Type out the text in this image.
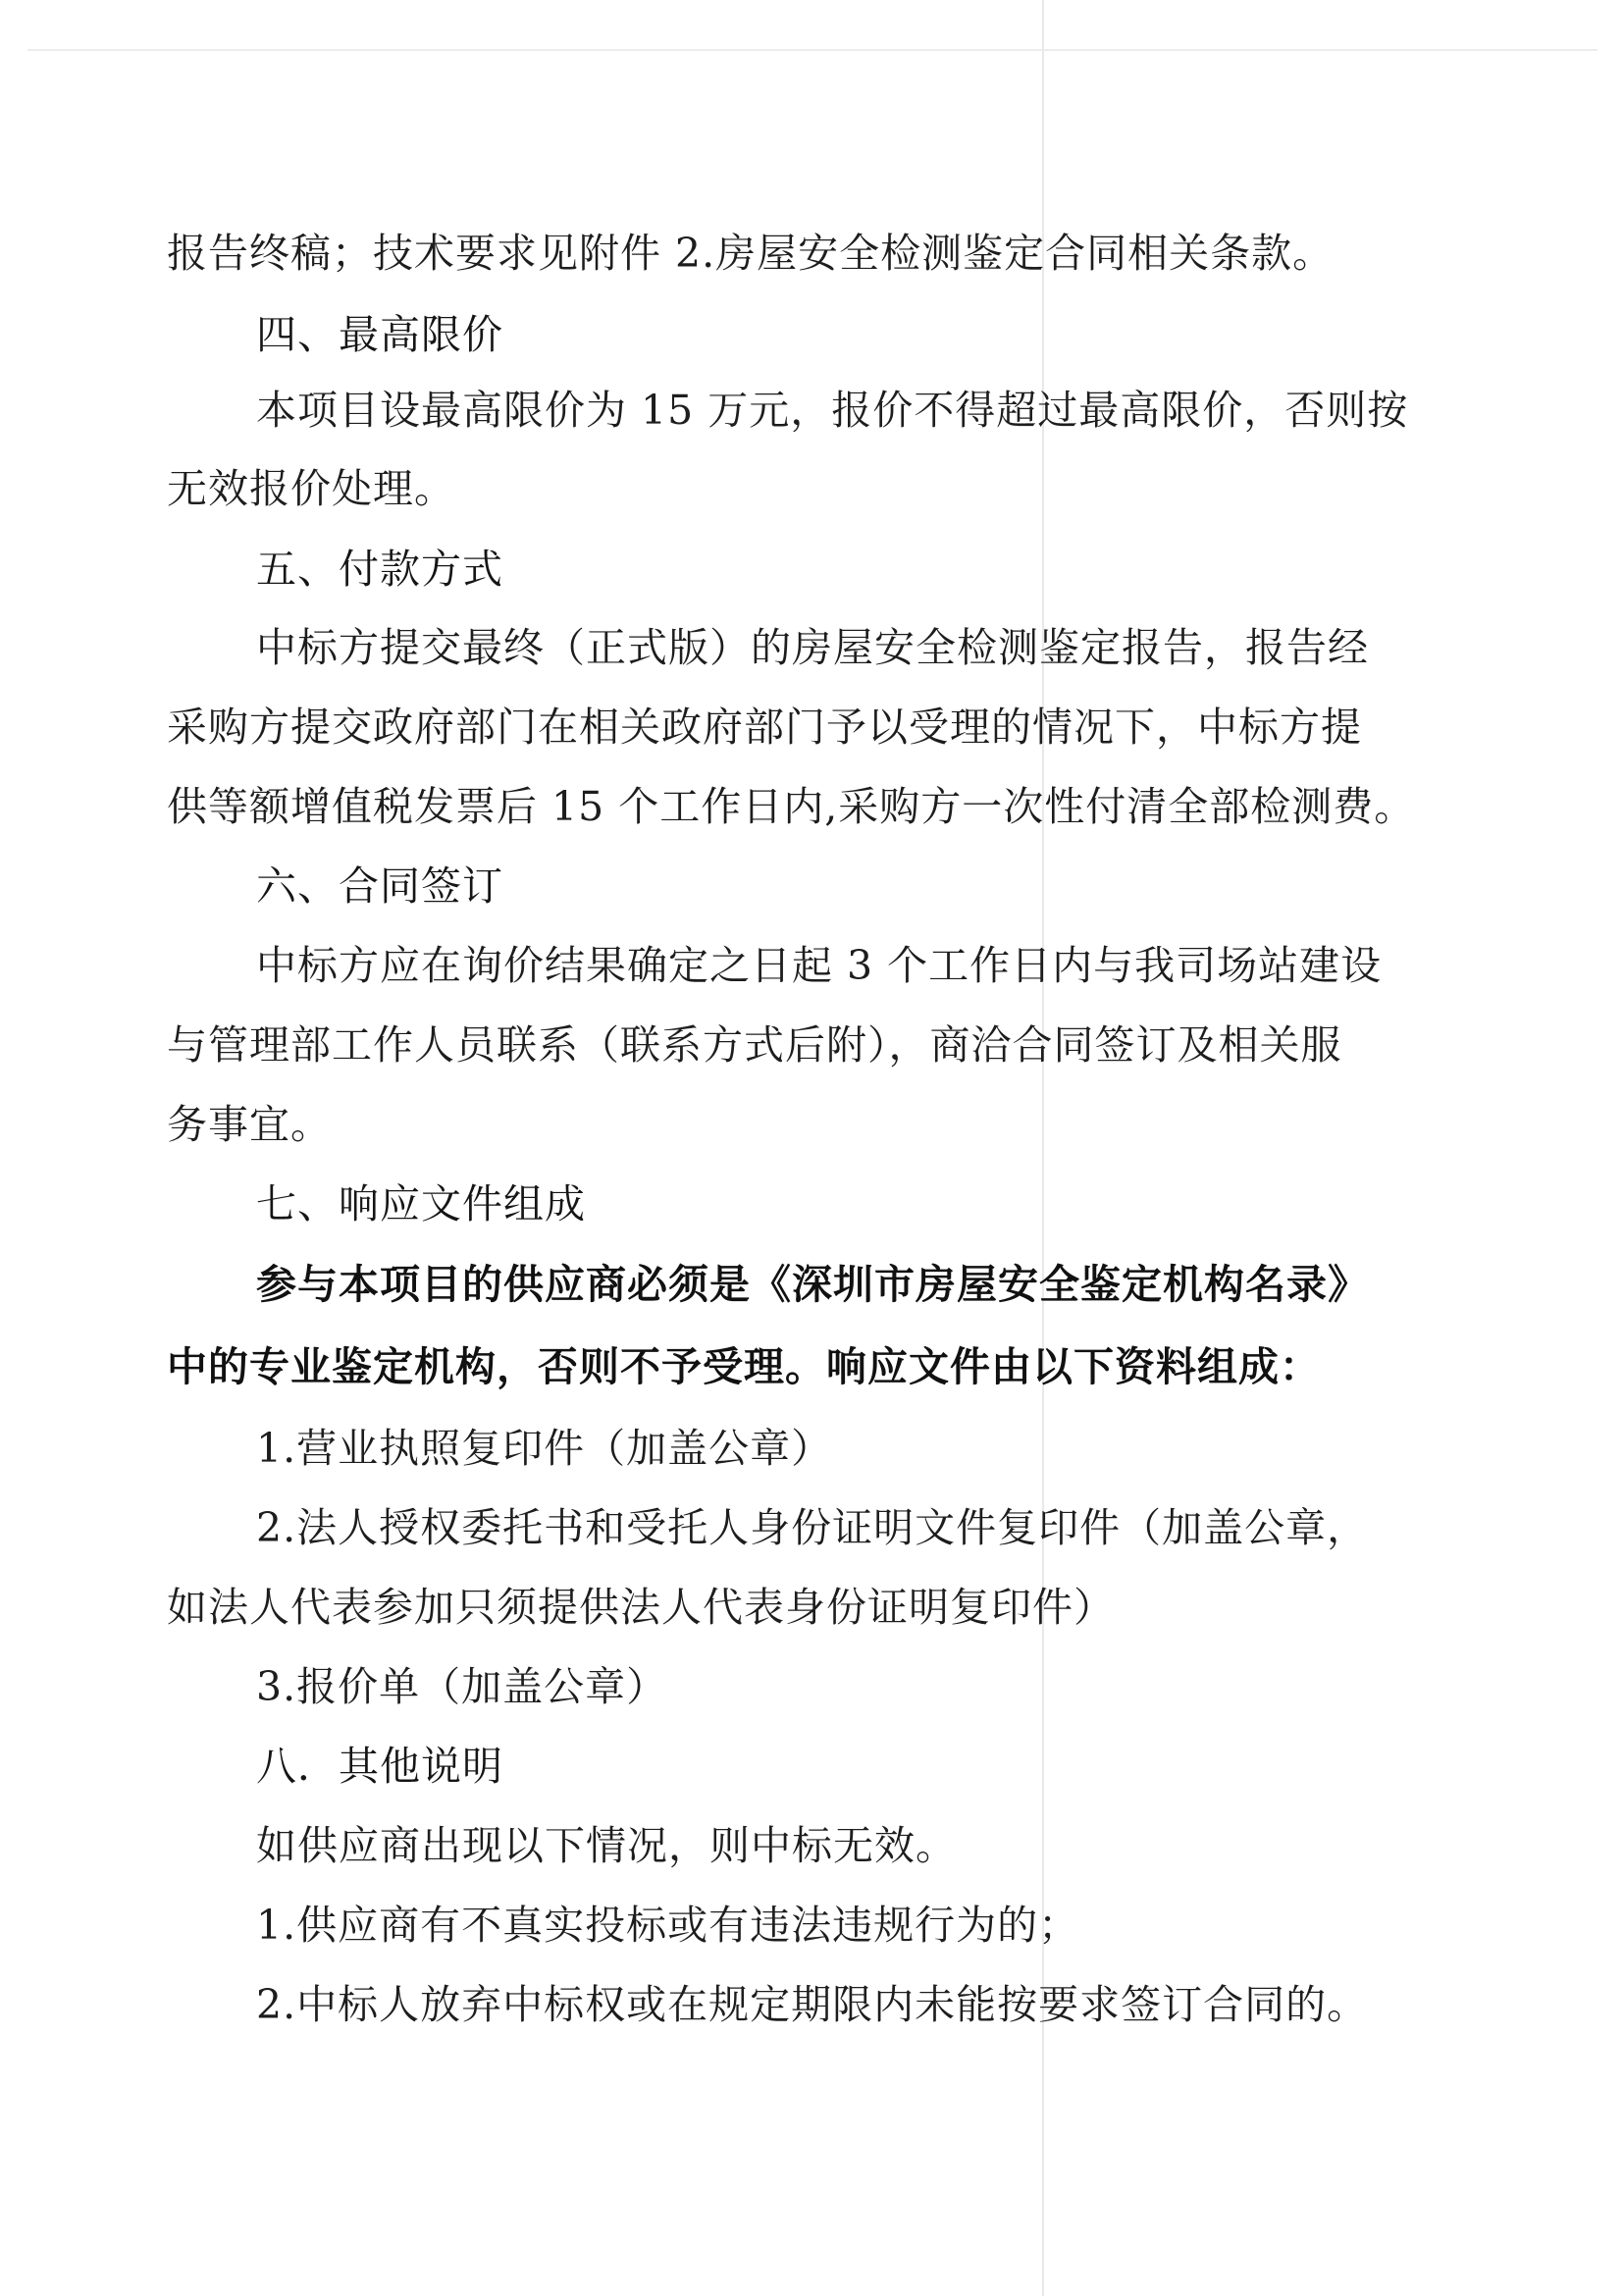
报告终稿；技术要求见附件 2.房屋安全检测鉴定合同相关条款。
四、最高限价
本项目设最高限价为 15 万元，报价不得超过最高限价，否则按
无效报价处理。
五、付款方式
中标方提交最终（正式版）的房屋安全检测鉴定报告，报告经
采购方提交政府部门在相关政府部门予以受理的情况下，中标方提
供等额增值税发票后 15 个工作日内,采购方一次性付清全部检测费。
六、合同签订
中标方应在询价结果确定之日起 3 个工作日内与我司场站建设
与管理部工作人员联系（联系方式后附），商洽合同签订及相关服
务事宜。
七、响应文件组成
参与本项目的供应商必须是《深圳市房屋安全鉴定机构名录》
中的专业鉴定机构，否则不予受理。响应文件由以下资料组成：
1.营业执照复印件（加盖公章）
2.法人授权委托书和受托人身份证明文件复印件（加盖公章，
如法人代表参加只须提供法人代表身份证明复印件）
3.报价单（加盖公章）
八．其他说明
如供应商出现以下情况，则中标无效。
1.供应商有不真实投标或有违法违规行为的；
2.中标人放弃中标权或在规定期限内未能按要求签订合同的。
